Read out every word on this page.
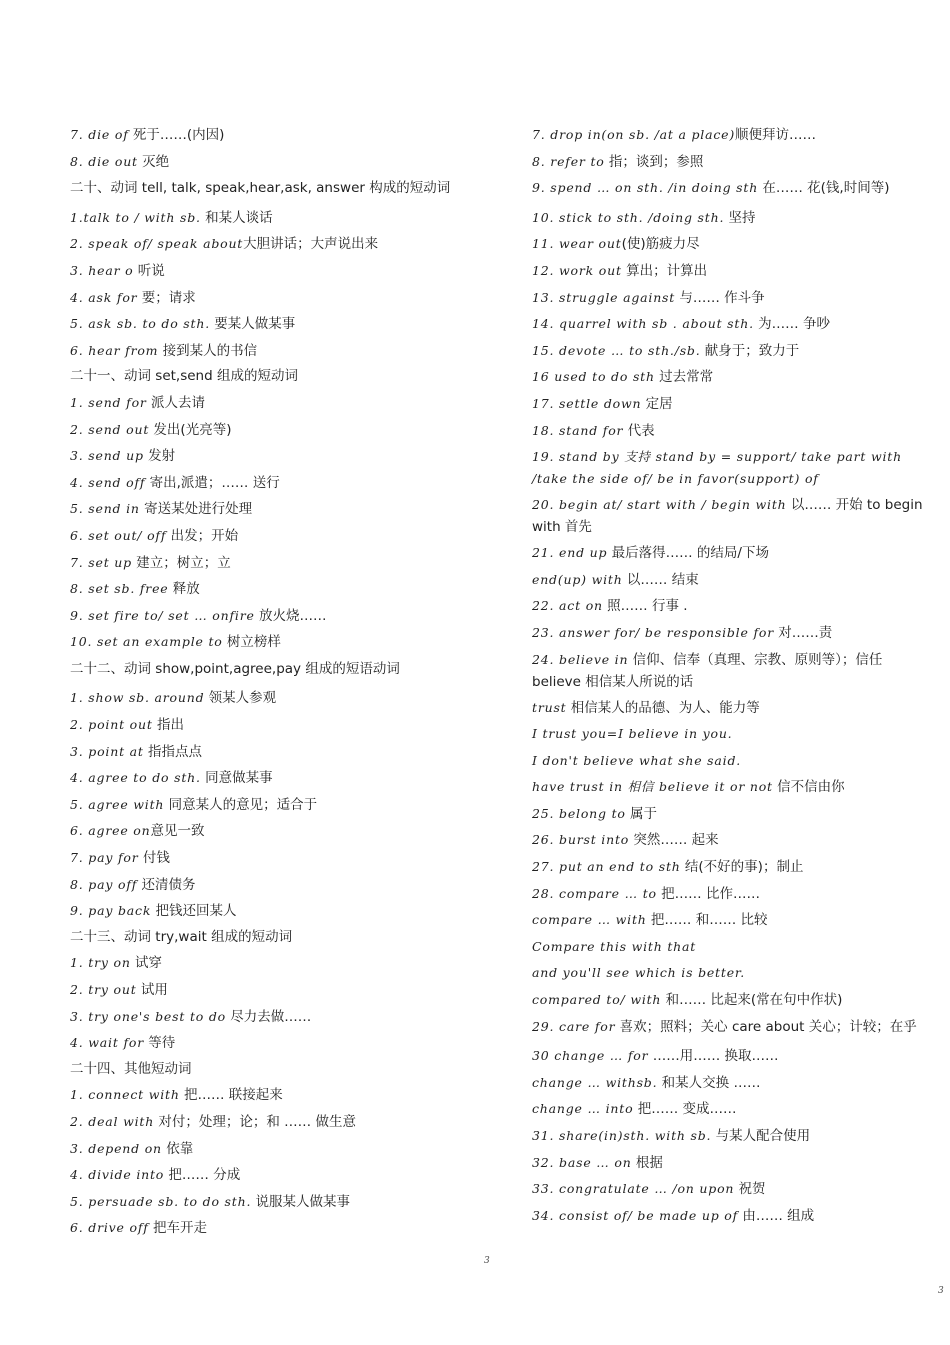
7. die of 死于……(内因)
8. die out 灭绝
二十、动词 tell, talk, speak,hear,ask, answer 构成的短动词
1.talk to / with sb. 和某人谈话
2. speak of/ speak about大胆讲话；大声说出来
3. hear o 听说
4. ask for 要；请求
5. ask sb. to do sth. 要某人做某事
6. hear from 接到某人的书信
二十一、动词 set,send 组成的短动词
1. send for 派人去请
2. send out 发出(光亮等)
3. send up 发射
4. send off 寄出,派遣；…… 送行
5. send in 寄送某处进行处理
6. set out/ off 出发；开始
7. set up 建立；树立；立
8. set sb. free 释放
9. set fire to/ set … onfire 放火烧……
10. set an example to 树立榜样
二十二、动词 show,point,agree,pay 组成的短语动词
1. show sb. around 领某人参观
2. point out 指出
3. point at 指指点点
4. agree to do sth. 同意做某事
5. agree with 同意某人的意见；适合于
6. agree on意见一致
7. pay for 付钱
8. pay off 还清债务
9. pay back 把钱还回某人
二十三、动词 try,wait 组成的短动词
1. try on 试穿
2. try out 试用
3. try one's best to do 尽力去做……
4. wait for 等待
二十四、其他短动词
1. connect with 把…… 联接起来
2. deal with 对付；处理；论；和 …… 做生意
3. depend on 依靠
4. divide into 把…… 分成
5. persuade sb. to do sth. 说服某人做某事
6. drive off 把车开走
7. drop in(on sb. /at a place)顺便拜访……
8. refer to 指；谈到；参照
9. spend … on sth. /in doing sth 在…… 花(钱,时间等)
10. stick to sth. /doing sth. 坚持
11. wear out(使)筋疲力尽
12. work out 算出；计算出
13. struggle against 与…… 作斗争
14. quarrel with sb . about sth. 为…… 争吵
15. devote … to sth./sb. 献身于；致力于
16 used to do sth 过去常常
17. settle down 定居
18. stand for 代表
19. stand by 支持 stand by = support/ take part with /take the side of/ be in favor(support) of
20. begin at/ start with / begin with 以…… 开始 to begin with 首先
21. end up 最后落得…… 的结局/下场
end(up) with 以…… 结束
22. act on 照…… 行事 .
23. answer for/ be responsible for 对……责
24. believe in 信仰、信奉（真理、宗教、原则等）；信任 believe 相信某人所说的话
trust 相信某人的品德、为人、能力等
I trust you=I believe in you.
I don't believe what she said.
have trust in 相信 believe it or not 信不信由你
25. belong to 属于
26. burst into 突然…… 起来
27. put an end to sth 结(不好的事)；制止
28. compare … to 把…… 比作……
compare … with 把…… 和…… 比较
Compare this with that
and you'll see which is better.
compared to/ with 和…… 比起来(常在句中作状)
29. care for 喜欢；照料；关心 care about 关心；计较；在乎
30 change … for ……用…… 换取……
change … withsb. 和某人交换 ……
change … into 把…… 变成……
31. share(in)sth. with sb. 与某人配合使用
32. base … on 根据
33. congratulate … /on upon 祝贺
34. consist of/ be made up of 由…… 组成
3
3
